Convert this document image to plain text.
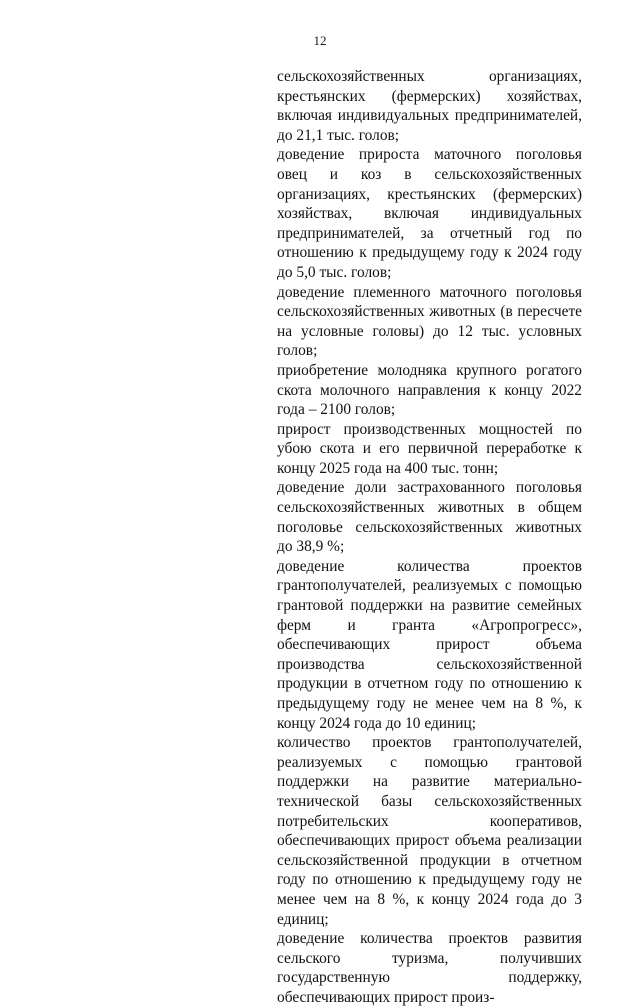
12

сельскохозяйственных организациях, крестьянских (фермерских) хозяйствах, включая индивидуальных предпринимателей, до 21,1 тыс. голов;

доведение прироста маточного поголовья овец и коз в сельскохозяйственных организациях, крестьянских (фермерских) хозяйствах, включая индивидуальных предпринимателей, за отчетный год по отношению к предыдущему году к 2024 году до 5,0 тыс. голов;

доведение племенного маточного поголовья сельскохозяйственных животных (в пересчете на условные головы) до 12 тыс. условных голов;

приобретение молодняка крупного рогатого скота молочного направления к концу 2022 года – 2100 голов;

прирост производственных мощностей по убою скота и его первичной переработке к концу 2025 года на 400 тыс. тонн;

доведение доли застрахованного поголовья сельскохозяйственных животных в общем поголовье сельскохозяйственных животных до 38,9 %;

доведение количества проектов грантополучателей, реализуемых с помощью грантовой поддержки на развитие семейных ферм и гранта «Агропрогресс», обеспечивающих прирост объема производства сельскохозяйственной продукции в отчетном году по отношению к предыдущему году не менее чем на 8 %, к концу 2024 года до 10 единиц;

количество проектов грантополучателей, реализуемых с помощью грантовой поддержки на развитие материально-технической базы сельскохозяйственных потребительских кооперативов, обеспечивающих прирост объема реализации сельскозяйственной продукции в отчетном году по отношению к предыдущему году не менее чем на 8 %, к концу 2024 года до 3 единиц;

доведение количества проектов развития сельского туризма, получивших государственную поддержку, обеспечивающих прирост произ-
